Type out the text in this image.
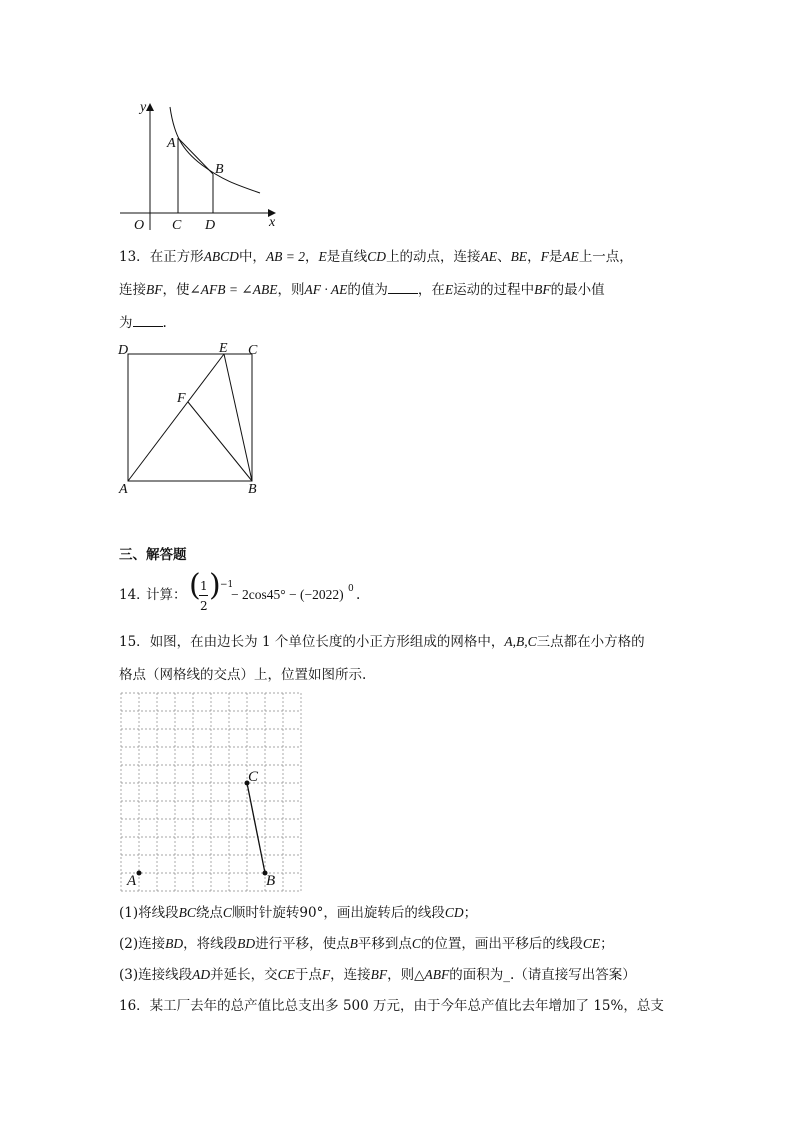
y
x
O
A
B
C D
13．在正方形ABCD中，AB = 2，E是直线CD上的动点，连接AE、BE，F是AE上一点，
连接BF，使∠AFB = ∠ABE，则AF · AE的值为 ，在E运动的过程中BF的最小值
为 .
D	E C
F
A	B
三、解答题
14．
计算： ( 1
2
) −1
− 2cos45° − (−2022) 0 .
15．如图，在由边长为 1 个单位长度的小正方形组成的网格中，A,B,C三点都在小方格的
格点（网格线的交点）上，位置如图所示.
C
A	B
(1)将线段BC绕点C顺时针旋转90°，画出旋转后的线段CD；
(2)连接BD，将线段BD进行平移，使点B平移到点C的位置，画出平移后的线段CE；
(3)连接线段AD并延长，交CE于点F，连接BF，则△ABF的面积为_.（请直接写出答案）
16．某工厂去年的总产值比总支出多 500 万元，由于今年总产值比去年增加了 15%，总支
